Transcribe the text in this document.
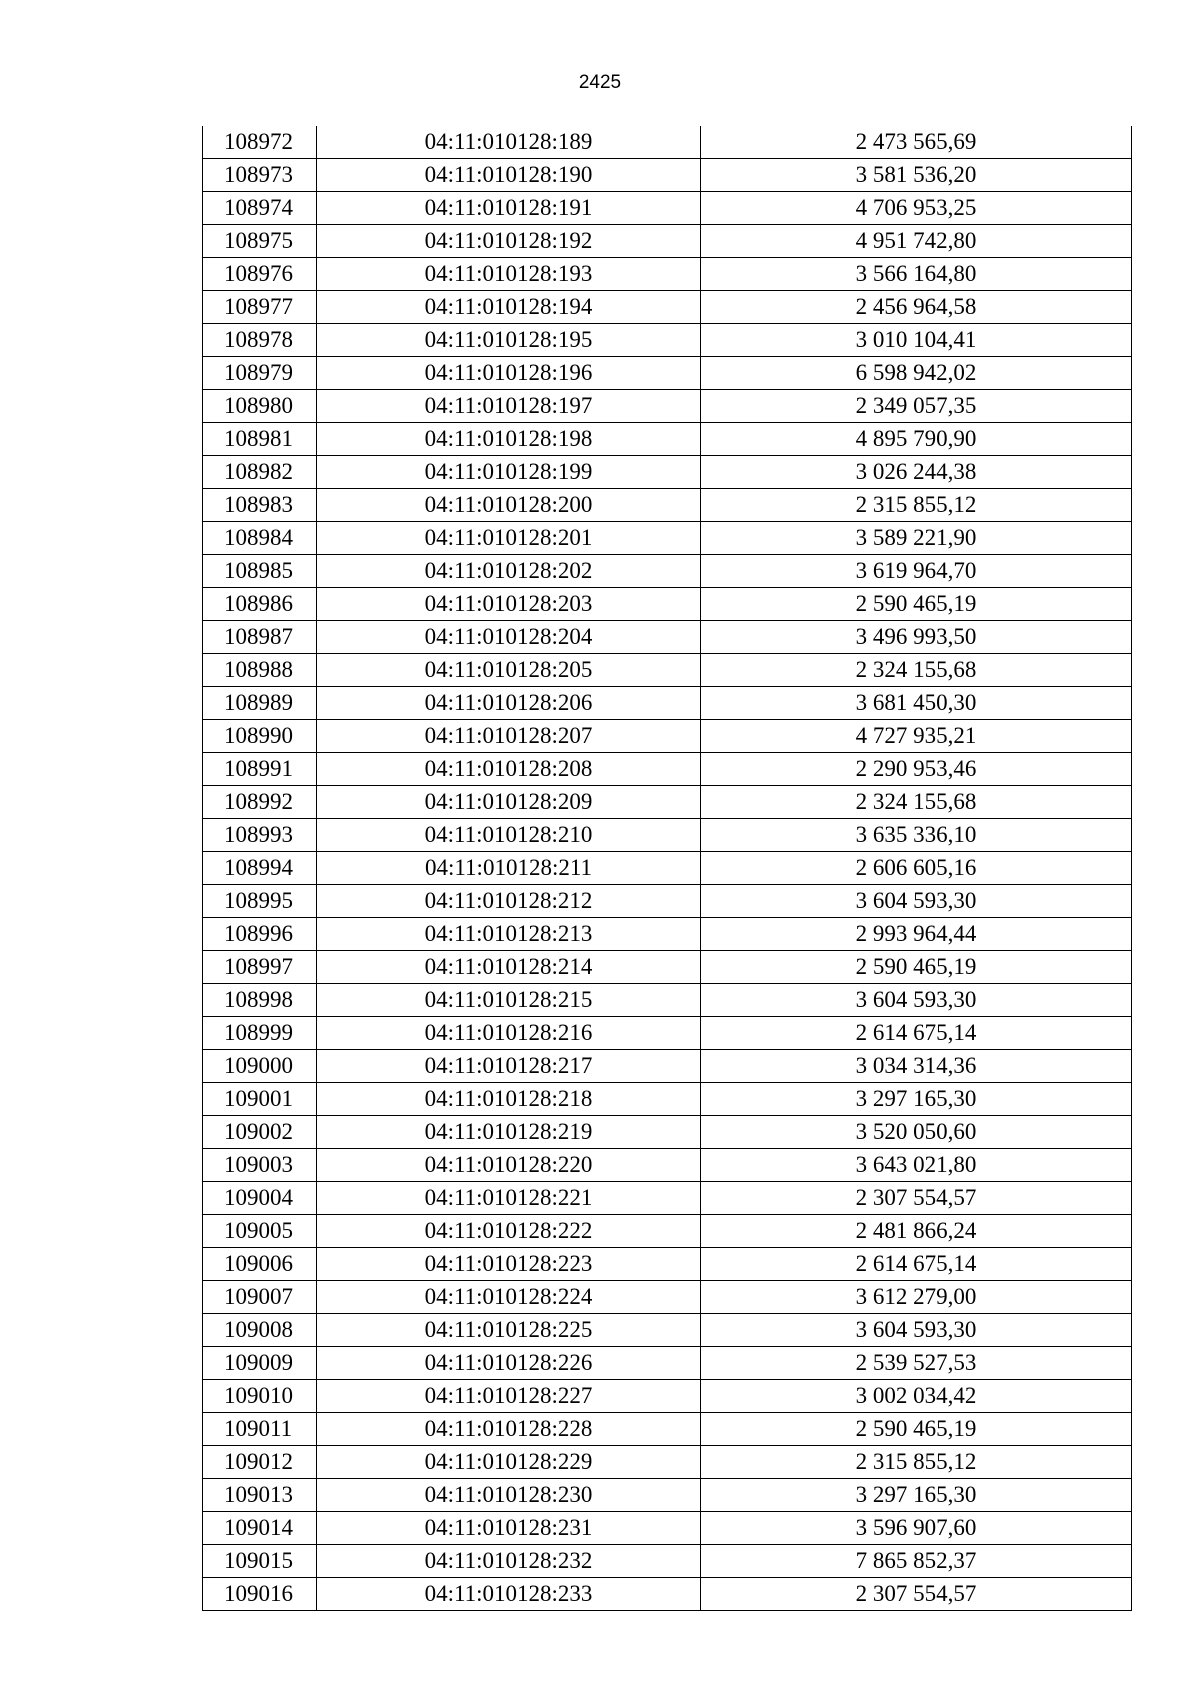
2425
108972	04:11:010128:189	2 473 565,69
108973	04:11:010128:190	3 581 536,20
108974	04:11:010128:191	4 706 953,25
108975	04:11:010128:192	4 951 742,80
108976	04:11:010128:193	3 566 164,80
108977	04:11:010128:194	2 456 964,58
108978	04:11:010128:195	3 010 104,41
108979	04:11:010128:196	6 598 942,02
108980	04:11:010128:197	2 349 057,35
108981	04:11:010128:198	4 895 790,90
108982	04:11:010128:199	3 026 244,38
108983	04:11:010128:200	2 315 855,12
108984	04:11:010128:201	3 589 221,90
108985	04:11:010128:202	3 619 964,70
108986	04:11:010128:203	2 590 465,19
108987	04:11:010128:204	3 496 993,50
108988	04:11:010128:205	2 324 155,68
108989	04:11:010128:206	3 681 450,30
108990	04:11:010128:207	4 727 935,21
108991	04:11:010128:208	2 290 953,46
108992	04:11:010128:209	2 324 155,68
108993	04:11:010128:210	3 635 336,10
108994	04:11:010128:211	2 606 605,16
108995	04:11:010128:212	3 604 593,30
108996	04:11:010128:213	2 993 964,44
108997	04:11:010128:214	2 590 465,19
108998	04:11:010128:215	3 604 593,30
108999	04:11:010128:216	2 614 675,14
109000	04:11:010128:217	3 034 314,36
109001	04:11:010128:218	3 297 165,30
109002	04:11:010128:219	3 520 050,60
109003	04:11:010128:220	3 643 021,80
109004	04:11:010128:221	2 307 554,57
109005	04:11:010128:222	2 481 866,24
109006	04:11:010128:223	2 614 675,14
109007	04:11:010128:224	3 612 279,00
109008	04:11:010128:225	3 604 593,30
109009	04:11:010128:226	2 539 527,53
109010	04:11:010128:227	3 002 034,42
109011	04:11:010128:228	2 590 465,19
109012	04:11:010128:229	2 315 855,12
109013	04:11:010128:230	3 297 165,30
109014	04:11:010128:231	3 596 907,60
109015	04:11:010128:232	7 865 852,37
109016	04:11:010128:233	2 307 554,57
